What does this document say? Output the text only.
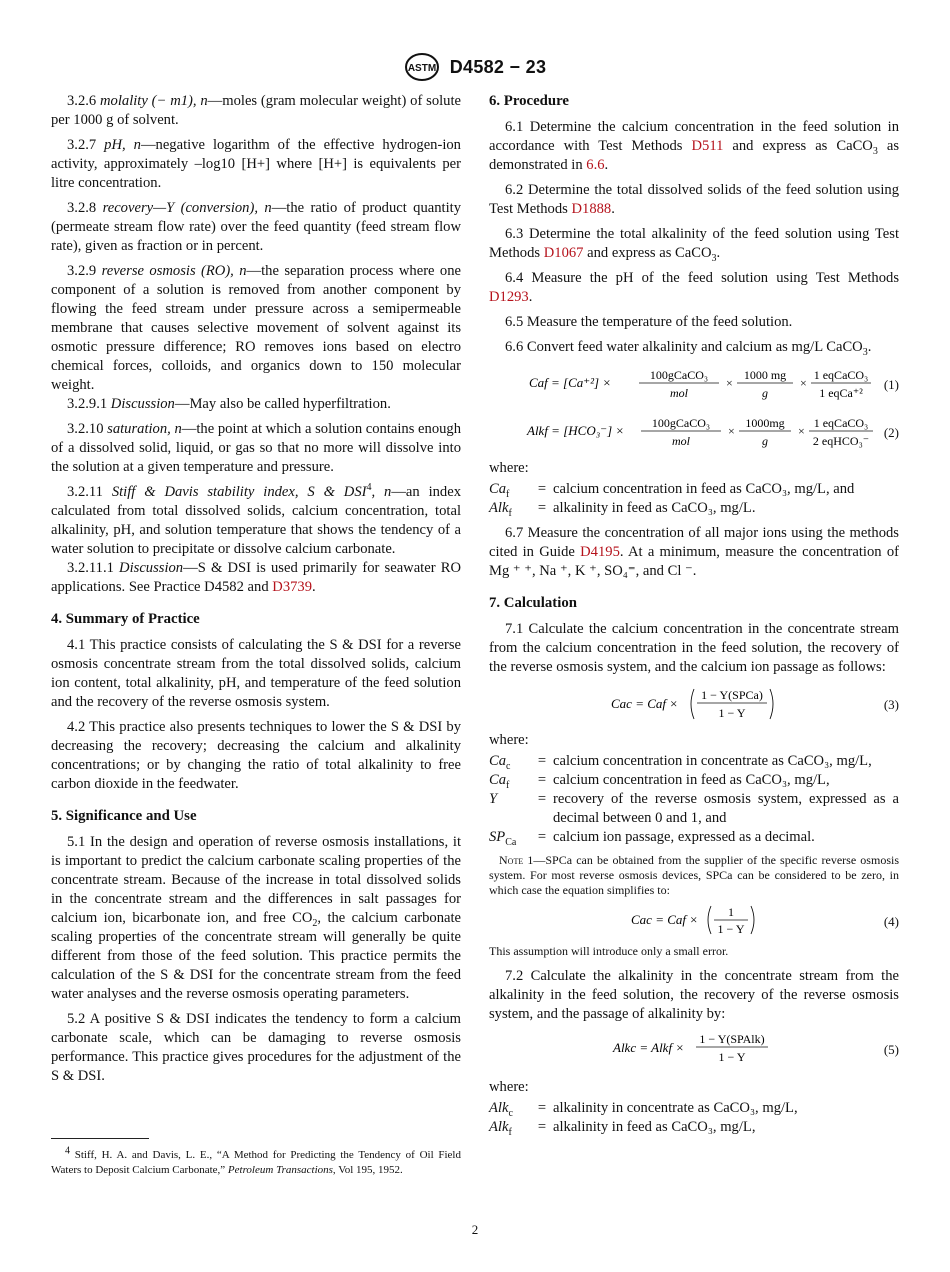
ASTM D4582 − 23

3.2.6 molality (− m1), n—moles (gram molecular weight) of solute per 1000 g of solvent.

3.2.7 pH, n—negative logarithm of the effective hydrogen-ion activity, approximately –log10 [H+] where [H+] is equivalents per litre concentration.

3.2.8 recovery—Y (conversion), n—the ratio of product quantity (permeate stream flow rate) over the feed quantity (feed stream flow rate), given as fraction or in percent.

3.2.9 reverse osmosis (RO), n—the separation process where one component of a solution is removed from another component by flowing the feed stream under pressure across a semipermeable membrane that causes selective movement of solvent against its osmotic pressure difference; RO removes ions based on electro chemical forces, colloids, and organics down to 150 molecular weight.

3.2.9.1 Discussion—May also be called hyperfiltration.

3.2.10 saturation, n—the point at which a solution contains enough of a dissolved solid, liquid, or gas so that no more will dissolve into the solution at a given temperature and pressure.

3.2.11 Stiff & Davis stability index, S & DSI$^4$, n—an index calculated from total dissolved solids, calcium concentration, total alkalinity, pH, and solution temperature that shows the tendency of a water solution to precipitate or dissolve calcium carbonate.

3.2.11.1 Discussion—S & DSI is used primarily for seawater RO applications. See Practice D4582 and D3739.

4. Summary of Practice

4.1 This practice consists of calculating the S & DSI for a reverse osmosis concentrate stream from the total dissolved solids, calcium ion content, total alkalinity, pH, and temperature of the feed solution and the recovery of the reverse osmosis system.

4.2 This practice also presents techniques to lower the S & DSI by decreasing the recovery; decreasing the calcium and alkalinity concentrations; or by changing the ratio of total alkalinity to free carbon dioxide in the feedwater.

5. Significance and Use

5.1 In the design and operation of reverse osmosis installations, it is important to predict the calcium carbonate scaling properties of the concentrate stream. Because of the increase in total dissolved solids in the concentrate stream and the differences in salt passages for calcium ion, bicarbonate ion, and free $CO_2$, the calcium carbonate scaling properties of the concentrate stream will generally be quite different from those of the feed solution. This practice permits the calculation of the S & DSI for the concentrate stream from the feed water analyses and the reverse osmosis operating parameters.

5.2 A positive S & DSI indicates the tendency to form a calcium carbonate scale, which can be damaging to reverse osmosis performance. This practice gives procedures for the adjustment of the S & DSI.

$^4$ Stiff, H. A. and Davis, L. E., “A Method for Predicting the Tendency of Oil Field Waters to Deposit Calcium Carbonate,” Petroleum Transactions, Vol 195, 1952.
6. Procedure

6.1 Determine the calcium concentration in the feed solution in accordance with Test Methods D511 and express as CaCO$_3$ as demonstrated in 6.6.

6.2 Determine the total dissolved solids of the feed solution using Test Methods D1888.

6.3 Determine the total alkalinity of the feed solution using Test Methods D1067 and express as CaCO$_3$.

6.4 Measure the pH of the feed solution using Test Methods D1293.

6.5 Measure the temperature of the feed solution.

6.6 Convert feed water alkalinity and calcium as mg/L CaCO$_3$.

Caf = [Ca⁺²] ×	100gCaCO₃
mol
×
1000 mg
g
×
1 eqCaCO₃
1 eqCa⁺²
(1)
Alkf = [HCO₃⁻] × 100gCaCO₃
mol
×
1000mg
g
×
1 eqCaCO₃
2 eqHCO₃⁻
(2)

where:

$Ca_f$	= calcium concentration in feed as CaCO₃, mg/L, and
Alk$_f$	= alkalinity in feed as CaCO₃, mg/L.

6.7 Measure the concentration of all major ions using the methods cited in Guide D4195. At a minimum, measure the concentration of Mg ⁺ ⁺, Na ⁺, K ⁺, SO₄⁼, and Cl ⁻.

7. Calculation

7.1 Calculate the calcium concentration in the concentrate stream from the calcium concentration in the feed solution, the recovery of the reverse osmosis system, and the calcium ion passage as follows:

Cac = Caf ×
1 − Y(SPCa)
1 − Y
(3)

where:

$Ca_c$	= calcium concentration in concentrate as CaCO₃, mg/L,
$Ca_f$	= calcium concentration in feed as CaCO₃, mg/L,
Y	= recovery of the reverse osmosis system, expressed as a decimal between 0 and 1, and
$SP_{Ca}$	= calcium ion passage, expressed as a decimal.

Note 1—SPCa can be obtained from the supplier of the specific reverse osmosis system. For most reverse osmosis devices, SPCa can be considered to be zero, in which case the equation simplifies to:

Cac = Caf × 1
1 − Y	(4)

This assumption will introduce only a small error.

7.2 Calculate the alkalinity in the concentrate stream from the alkalinity in the feed solution, the recovery of the reverse osmosis system, and the passage of alkalinity by:

Alkc = Alkf ×
1 − Y(SPAlk)
1 − Y	(5)

where:

Alk$_c$	= alkalinity in concentrate as CaCO₃, mg/L,
Alk$_f$	= alkalinity in feed as CaCO₃, mg/L,
2
